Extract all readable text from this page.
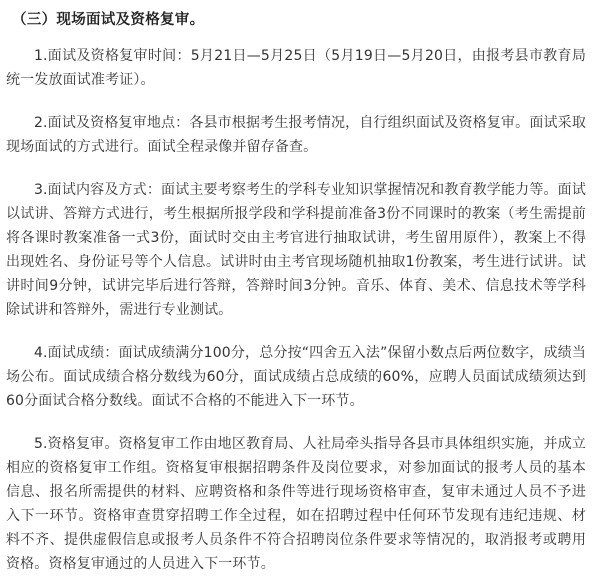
（三）现场面试及资格复审。

1.面试及资格复审时间：5月21日—5月25日（5月19日—5月20日，由报考县市教育局统一发放面试准考证）。

2.面试及资格复审地点：各县市根据考生报考情况，自行组织面试及资格复审。面试采取现场面试的方式进行。面试全程录像并留存备查。

3.面试内容及方式：面试主要考察考生的学科专业知识掌握情况和教育教学能力等。面试以试讲、答辩方式进行，考生根据所报学段和学科提前准备3份不同课时的教案（考生需提前将各课时教案准备一式3份，面试时交由主考官进行抽取试讲，考生留用原件），教案上不得出现姓名、身份证号等个人信息。试讲时由主考官现场随机抽取1份教案，考生进行试讲。试讲时间9分钟，试讲完毕后进行答辩，答辩时间3分钟。音乐、体育、美术、信息技术等学科除试讲和答辩外，需进行专业测试。

4.面试成绩：面试成绩满分100分，总分按“四舍五入法”保留小数点后两位数字，成绩当场公布。面试成绩合格分数线为60分，面试成绩占总成绩的60%，应聘人员面试成绩须达到60分面试合格分数线。面试不合格的不能进入下一环节。

5.资格复审。资格复审工作由地区教育局、人社局牵头指导各县市具体组织实施，并成立相应的资格复审工作组。资格复审根据招聘条件及岗位要求，对参加面试的报考人员的基本信息、报名所需提供的材料、应聘资格和条件等进行现场资格审查，复审未通过人员不予进入下一环节。资格审查贯穿招聘工作全过程，如在招聘过程中任何环节发现有违纪违规、材料不齐、提供虚假信息或报考人员条件不符合招聘岗位条件要求等情况的，取消报考或聘用资格。资格复审通过的人员进入下一环节。
